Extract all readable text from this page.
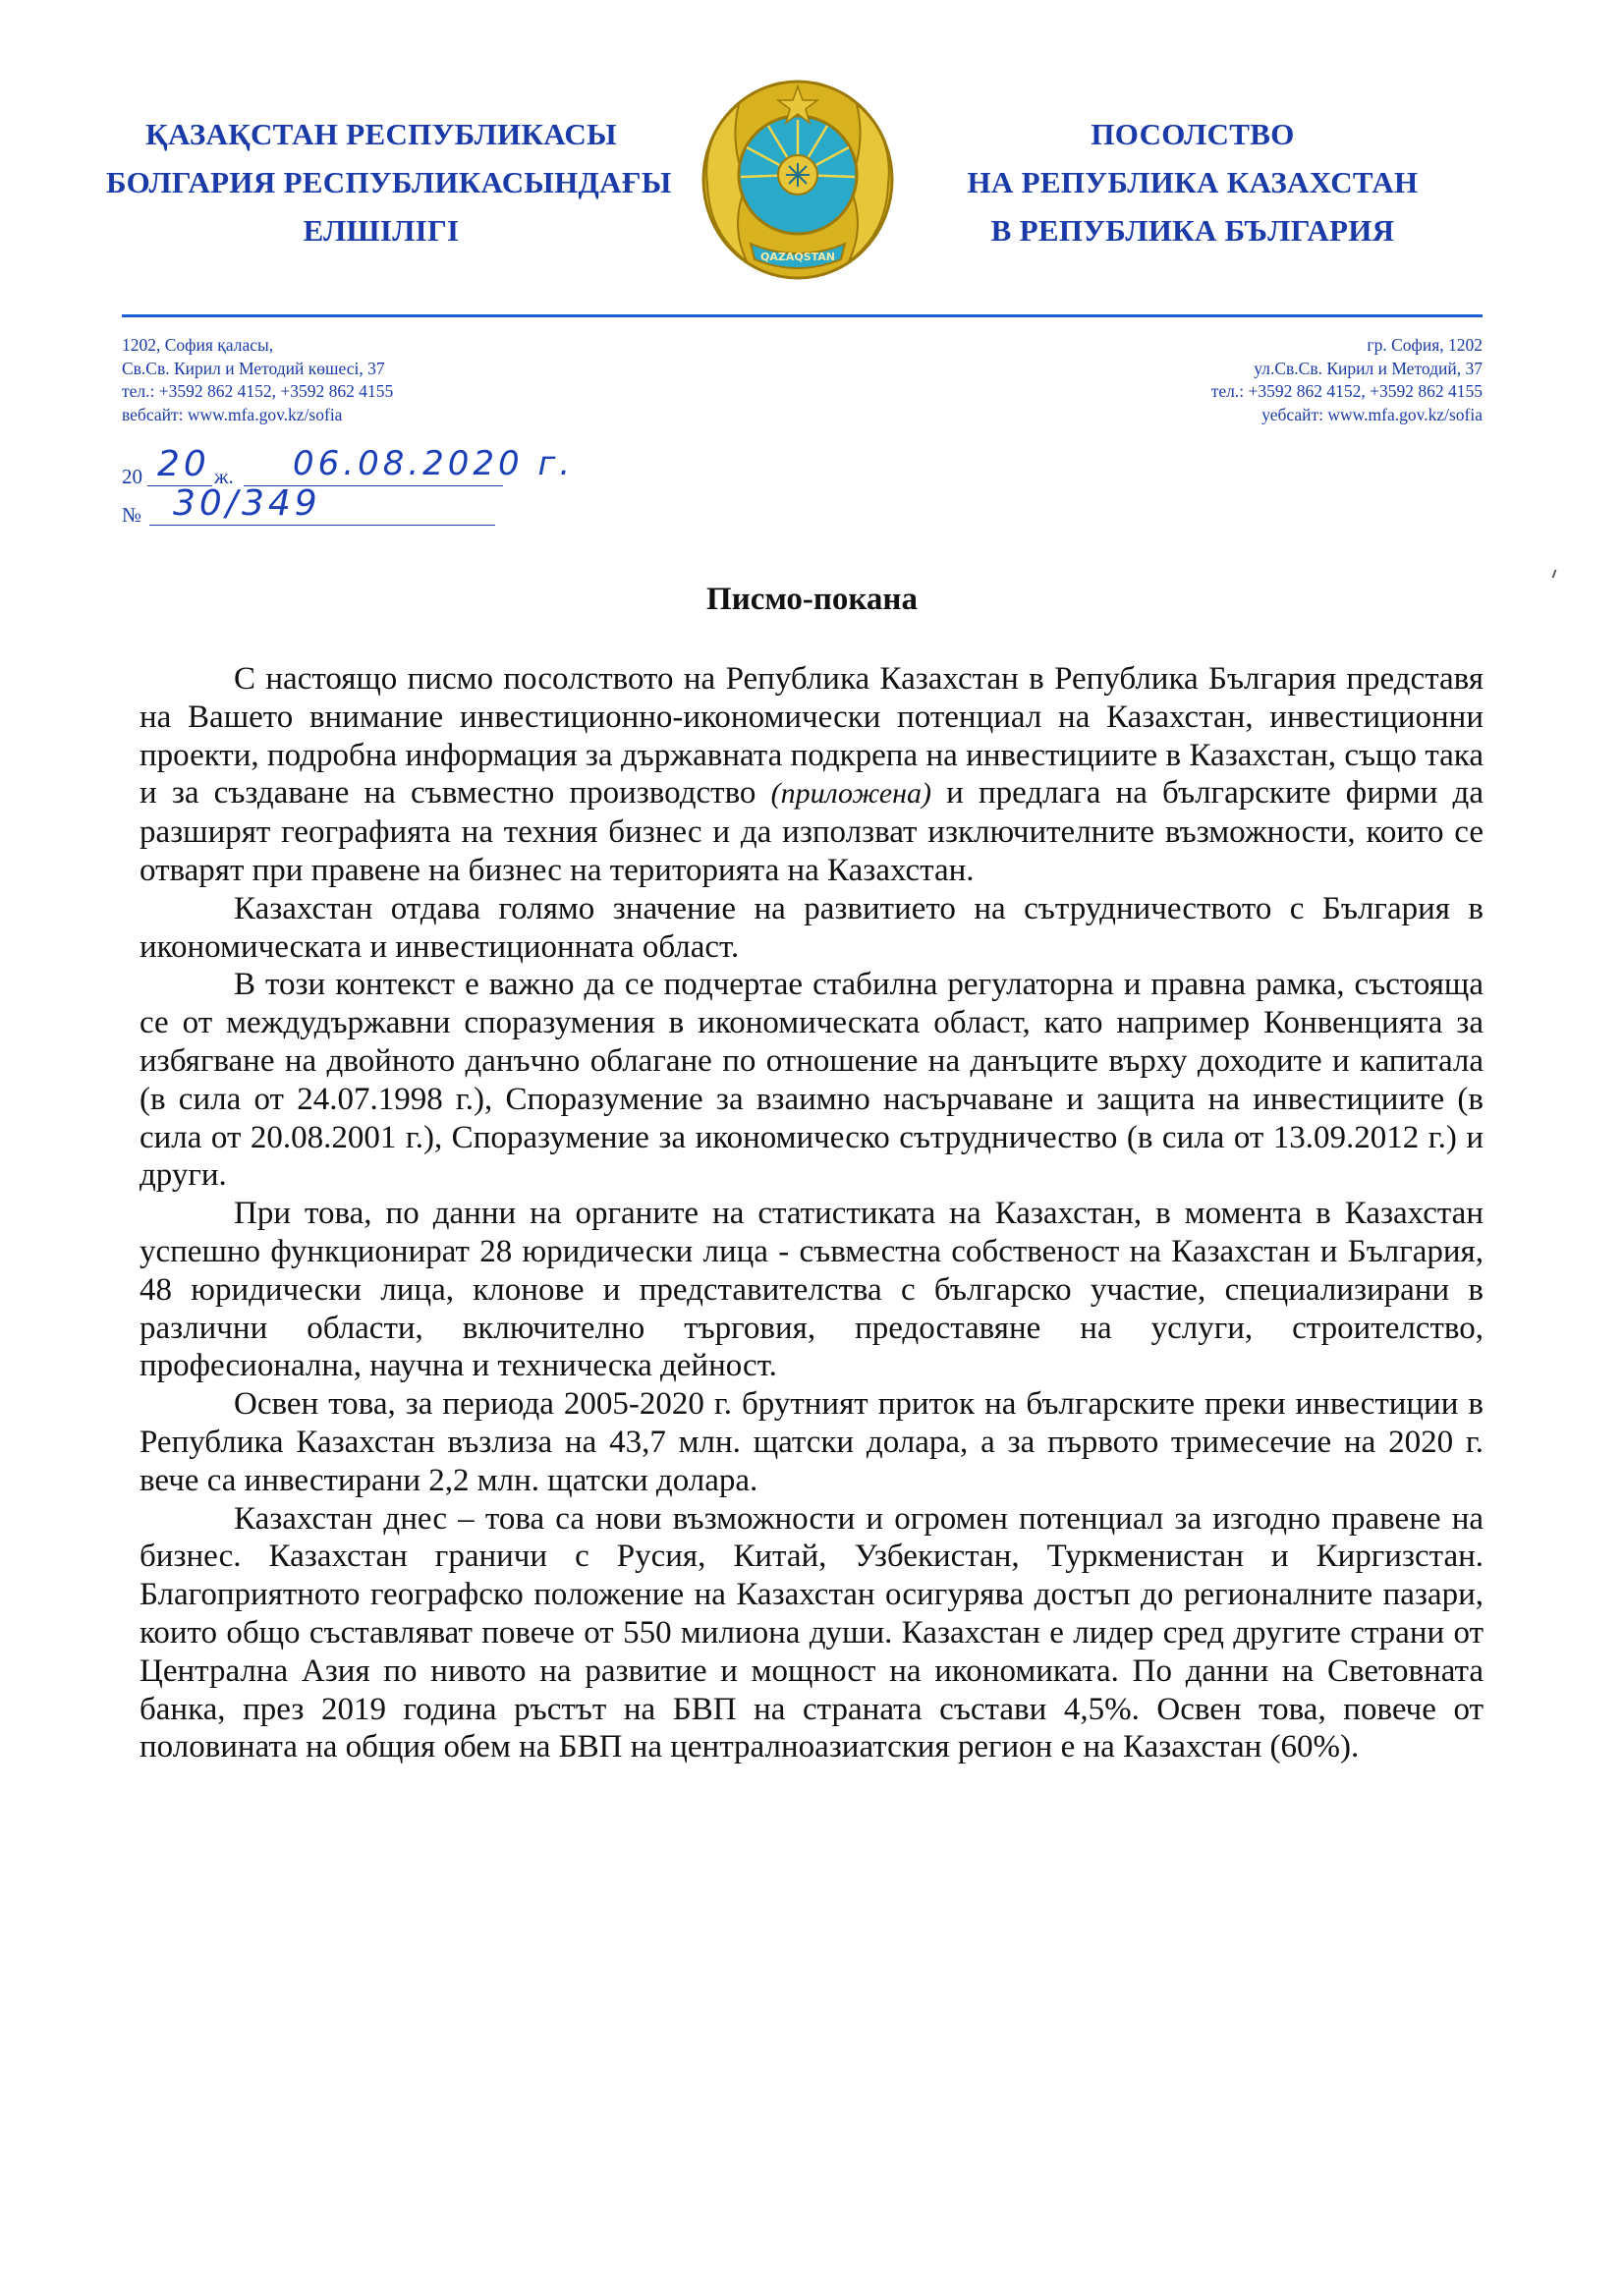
ҚАЗАҚСТАН РЕСПУБЛИКАСЫ
БОЛГАРИЯ РЕСПУБЛИКАСЫНДАҒЫ
ЕЛШІЛІГІ
QAZAQSTAN
ПОСОЛСТВО
НА РЕПУБЛИКА КАЗАХСТАН
В РЕПУБЛИКА БЪЛГАРИЯ
1202, София қаласы,
Св.Св. Кирил и Методий көшесі, 37
тел.: +3592 862 4152, +3592 862 4155
вебсайт: www.mfa.gov.kz/sofia
гр. София, 1202
ул.Св.Св. Кирил и Методий, 37
тел.: +3592 862 4152, +3592 862 4155
уебсайт: www.mfa.gov.kz/sofia
20	ж.
20 06.08.2020 г.
№ 30/349
Писмо-покана

С настоящо писмо посолството на Република Казахстан в Република България представя на Вашето внимание инвестиционно-икономически потенциал на Казахстан, инвестиционни проекти, подробна информация за държавната подкрепа на инвестициите в Казахстан, също така и за създаване на съвместно производство (приложена) и предлага на българските фирми да разширят географията на техния бизнес и да използват изключителните възможности, които се отварят при правене на бизнес на територията на Казахстан.

Казахстан отдава голямо значение на развитието на сътрудничеството с България в икономическата и инвестиционната област.

В този контекст е важно да се подчертае стабилна регулаторна и правна рамка, състояща се от междудържавни споразумения в икономическата област, като например Конвенцията за избягване на двойното данъчно облагане по отношение на данъците върху доходите и капитала (в сила от 24.07.1998 г.), Споразумение за взаимно насърчаване и защита на инвестициите (в сила от 20.08.2001 г.), Споразумение за икономическо сътрудничество (в сила от 13.09.2012 г.) и други.

При това, по данни на органите на статистиката на Казахстан, в момента в Казахстан успешно функционират 28 юридически лица - съвместна собственост на Казахстан и България, 48 юридически лица, клонове и представителства с българско участие, специализирани в различни области, включително търговия, предоставяне на услуги, строителство, професионална, научна и техническа дейност.

Освен това, за периода 2005-2020 г. брутният приток на българските преки инвестиции в Република Казахстан възлиза на 43,7 млн. щатски долара, а за първото тримесечие на 2020 г. вече са инвестирани 2,2 млн. щатски долара.

Казахстан днес – това са нови възможности и огромен потенциал за изгодно правене на бизнес. Казахстан граничи с Русия, Китай, Узбекистан, Туркменистан и Киргизстан. Благоприятното географско положение на Казахстан осигурява достъп до регионалните пазари, които общо съставляват повече от 550 милиона души. Казахстан е лидер сред другите страни от Централна Азия по нивото на развитие и мощност на икономиката. По данни на Световната банка, през 2019 година ръстът на БВП на страната състави 4,5%. Освен това, повече от половината на общия обем на БВП на централноазиатския регион е на Казахстан (60%).
